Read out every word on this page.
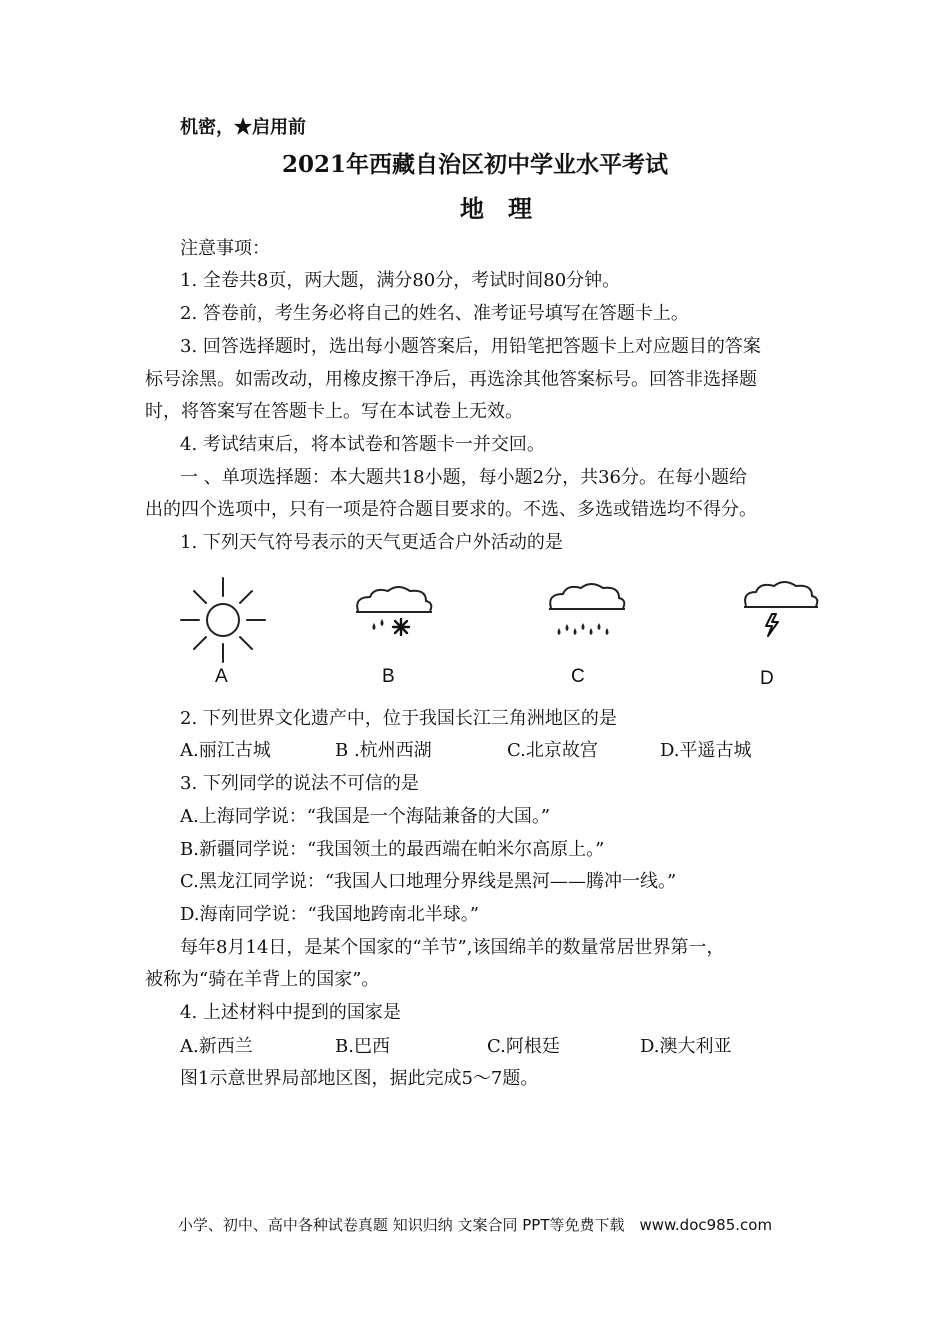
机密，★启用前
2021年西藏自治区初中学业水平考试
地　理
注意事项：
1. 全卷共8页，两大题，满分80分，考试时间80分钟。
2. 答卷前，考生务必将自己的姓名、准考证号填写在答题卡上。
3. 回答选择题时，选出每小题答案后，用铅笔把答题卡上对应题目的答案
标号涂黑。如需改动，用橡皮擦干净后，再选涂其他答案标号。回答非选择题
时，将答案写在答题卡上。写在本试卷上无效。
4. 考试结束后，将本试卷和答题卡一并交回。
一 、单项选择题：本大题共18小题，每小题2分，共36分。在每小题给
出的四个选项中，只有一项是符合题目要求的。不选、多选或错选均不得分。
1. 下列天气符号表示的天气更适合户外活动的是
A	B	C	D
2. 下列世界文化遗产中，位于我国长江三角洲地区的是
A.丽江古城	B .杭州西湖	C.北京故宫	D.平遥古城
3. 下列同学的说法不可信的是
A.上海同学说：“我国是一个海陆兼备的大国。”
B.新疆同学说：“我国领土的最西端在帕米尔高原上。”
C.黑龙江同学说：“我国人口地理分界线是黑河——腾冲一线。”
D.海南同学说：“我国地跨南北半球。”
每年8月14日，是某个国家的“羊节”,该国绵羊的数量常居世界第一，
被称为“骑在羊背上的国家”。
4. 上述材料中提到的国家是
A.新西兰	B.巴西	C.阿根廷	D.澳大利亚
图1示意世界局部地区图，据此完成5～7题。
小学、初中、高中各种试卷真题 知识归纳 文案合同 PPT等免费下载　www.doc985.com
